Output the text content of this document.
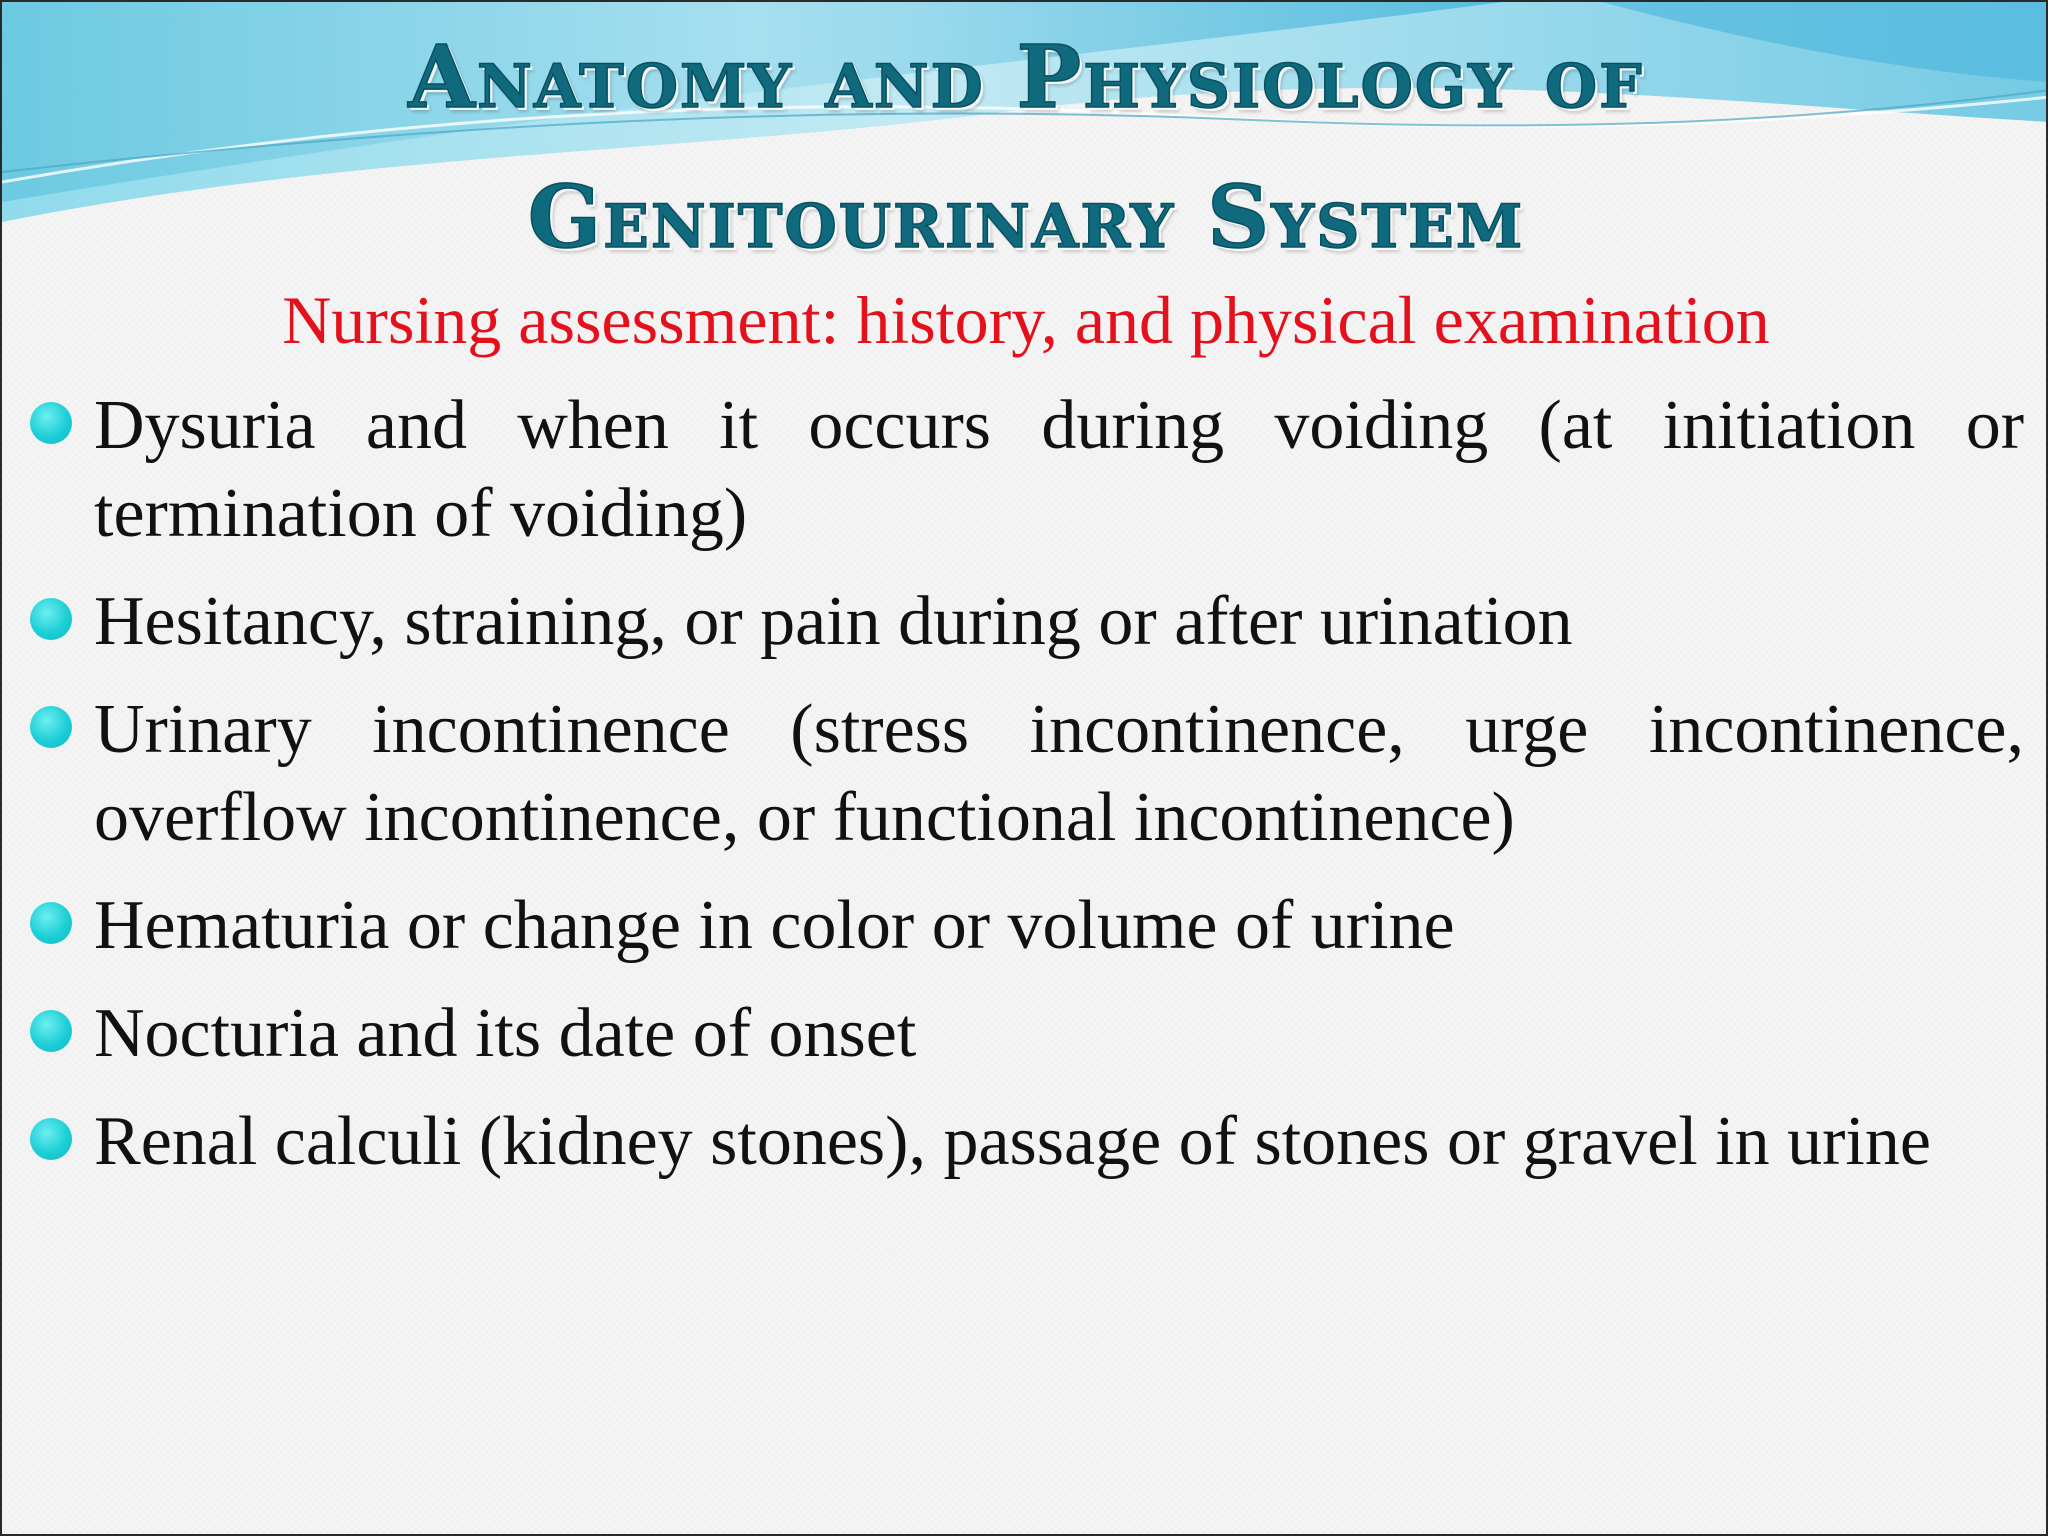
Anatomy and Physiology of
Genitourinary System

Nursing assessment: history, and physical examination

Dysuria and when it occurs during voiding (at initiation or termination of voiding)
Hesitancy, straining, or pain during or after urination
Urinary incontinence (stress incontinence, urge incontinence, overflow incontinence, or functional incontinence)
Hematuria or change in color or volume of urine
Nocturia and its date of onset
Renal calculi (kidney stones), passage of stones or gravel in urine
